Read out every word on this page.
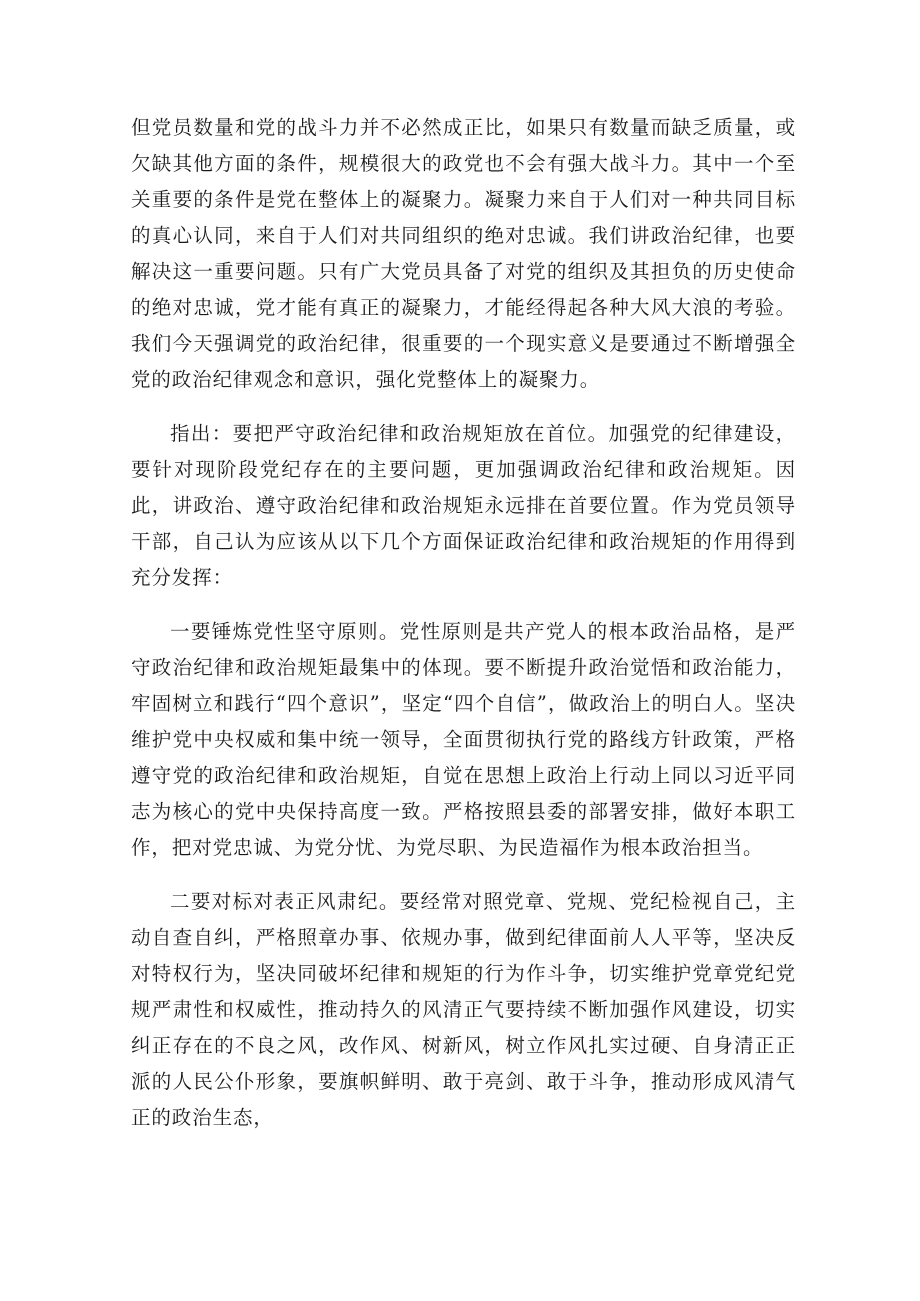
但党员数量和党的战斗力并不必然成正比，如果只有数量而缺乏质量，或欠缺其他方面的条件，规模很大的政党也不会有强大战斗力。其中一个至关重要的条件是党在整体上的凝聚力。凝聚力来自于人们对一种共同目标的真心认同，来自于人们对共同组织的绝对忠诚。我们讲政治纪律，也要解决这一重要问题。只有广大党员具备了对党的组织及其担负的历史使命的绝对忠诚，党才能有真正的凝聚力，才能经得起各种大风大浪的考验。我们今天强调党的政治纪律，很重要的一个现实意义是要通过不断增强全党的政治纪律观念和意识，强化党整体上的凝聚力。

指出：要把严守政治纪律和政治规矩放在首位。加强党的纪律建设，要针对现阶段党纪存在的主要问题，更加强调政治纪律和政治规矩。因此，讲政治、遵守政治纪律和政治规矩永远排在首要位置。作为党员领导干部，自己认为应该从以下几个方面保证政治纪律和政治规矩的作用得到充分发挥：

一要锤炼党性坚守原则。党性原则是共产党人的根本政治品格，是严守政治纪律和政治规矩最集中的体现。要不断提升政治觉悟和政治能力，牢固树立和践行“四个意识”，坚定“四个自信”，做政治上的明白人。坚决维护党中央权威和集中统一领导，全面贯彻执行党的路线方针政策，严格遵守党的政治纪律和政治规矩，自觉在思想上政治上行动上同以习近平同志为核心的党中央保持高度一致。严格按照县委的部署安排，做好本职工作，把对党忠诚、为党分忧、为党尽职、为民造福作为根本政治担当。

二要对标对表正风肃纪。要经常对照党章、党规、党纪检视自己，主动自查自纠，严格照章办事、依规办事，做到纪律面前人人平等，坚决反对特权行为，坚决同破坏纪律和规矩的行为作斗争，切实维护党章党纪党规严肃性和权威性，推动持久的风清正气要持续不断加强作风建设，切实纠正存在的不良之风，改作风、树新风，树立作风扎实过硬、自身清正正派的人民公仆形象，要旗帜鲜明、敢于亮剑、敢于斗争，推动形成风清气正的政治生态，
